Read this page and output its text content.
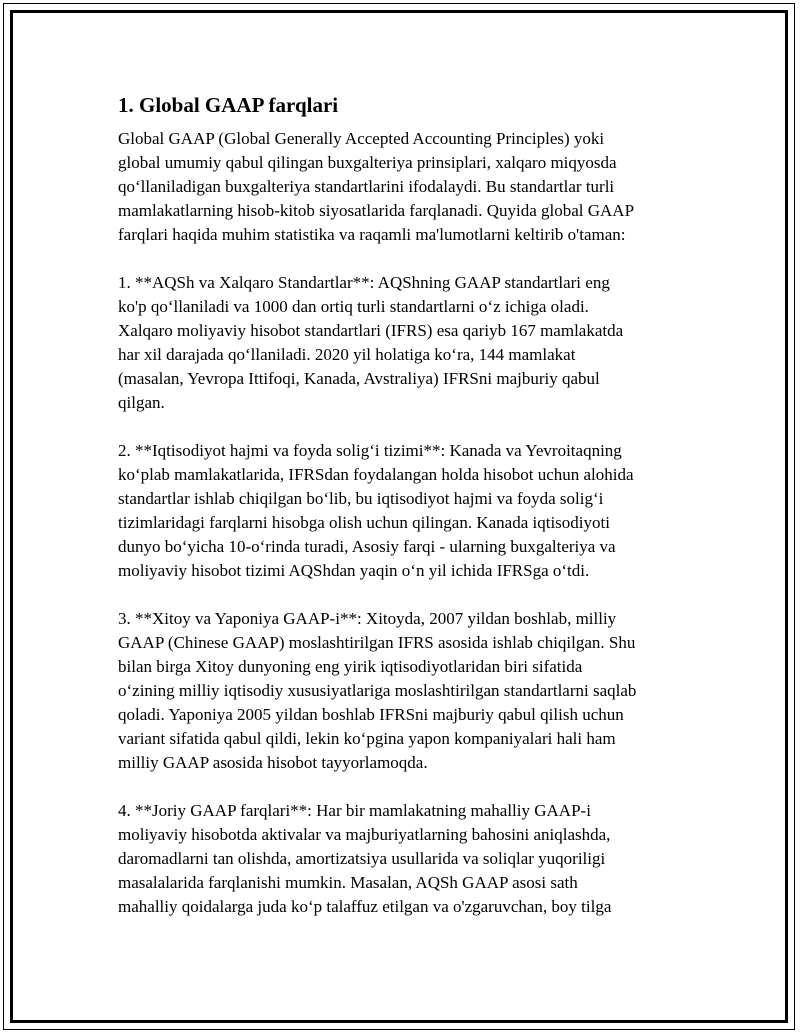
1. Global GAAP farqlari
Global GAAP (Global Generally Accepted Accounting Principles) yoki
global umumiy qabul qilingan buxgalteriya prinsiplari, xalqaro miqyosda
qo‘llaniladigan buxgalteriya standartlarini ifodalaydi. Bu standartlar turli
mamlakatlarning hisob-kitob siyosatlarida farqlanadi. Quyida global GAAP
farqlari haqida muhim statistika va raqamli ma'lumotlarni keltirib o'taman:
1. **AQSh va Xalqaro Standartlar**: AQShning GAAP standartlari eng
ko'p qo‘llaniladi va 1000 dan ortiq turli standartlarni o‘z ichiga oladi.
Xalqaro moliyaviy hisobot standartlari (IFRS) esa qariyb 167 mamlakatda
har xil darajada qo‘llaniladi. 2020 yil holatiga ko‘ra, 144 mamlakat
(masalan, Yevropa Ittifoqi, Kanada, Avstraliya) IFRSni majburiy qabul
qilgan.
2. **Iqtisodiyot hajmi va foyda solig‘i tizimi**: Kanada va Yevroitaqning
ko‘plab mamlakatlarida, IFRSdan foydalangan holda hisobot uchun alohida
standartlar ishlab chiqilgan bo‘lib, bu iqtisodiyot hajmi va foyda solig‘i
tizimlaridagi farqlarni hisobga olish uchun qilingan. Kanada iqtisodiyoti
dunyo bo‘yicha 10-o‘rinda turadi, Asosiy farqi - ularning buxgalteriya va
moliyaviy hisobot tizimi AQShdan yaqin o‘n yil ichida IFRSga o‘tdi.
3. **Xitoy va Yaponiya GAAP-i**: Xitoyda, 2007 yildan boshlab, milliy
GAAP (Chinese GAAP) moslashtirilgan IFRS asosida ishlab chiqilgan. Shu
bilan birga Xitoy dunyoning eng yirik iqtisodiyotlaridan biri sifatida
o‘zining milliy iqtisodiy xususiyatlariga moslashtirilgan standartlarni saqlab
qoladi. Yaponiya 2005 yildan boshlab IFRSni majburiy qabul qilish uchun
variant sifatida qabul qildi, lekin ko‘pgina yapon kompaniyalari hali ham
milliy GAAP asosida hisobot tayyorlamoqda.
4. **Joriy GAAP farqlari**: Har bir mamlakatning mahalliy GAAP-i
moliyaviy hisobotda aktivalar va majburiyatlarning bahosini aniqlashda,
daromadlarni tan olishda, amortizatsiya usullarida va soliqlar yuqoriligi
masalalarida farqlanishi mumkin. Masalan, AQSh GAAP asosi sath
mahalliy qoidalarga juda ko‘p talaffuz etilgan va o'zgaruvchan, boy tilga
